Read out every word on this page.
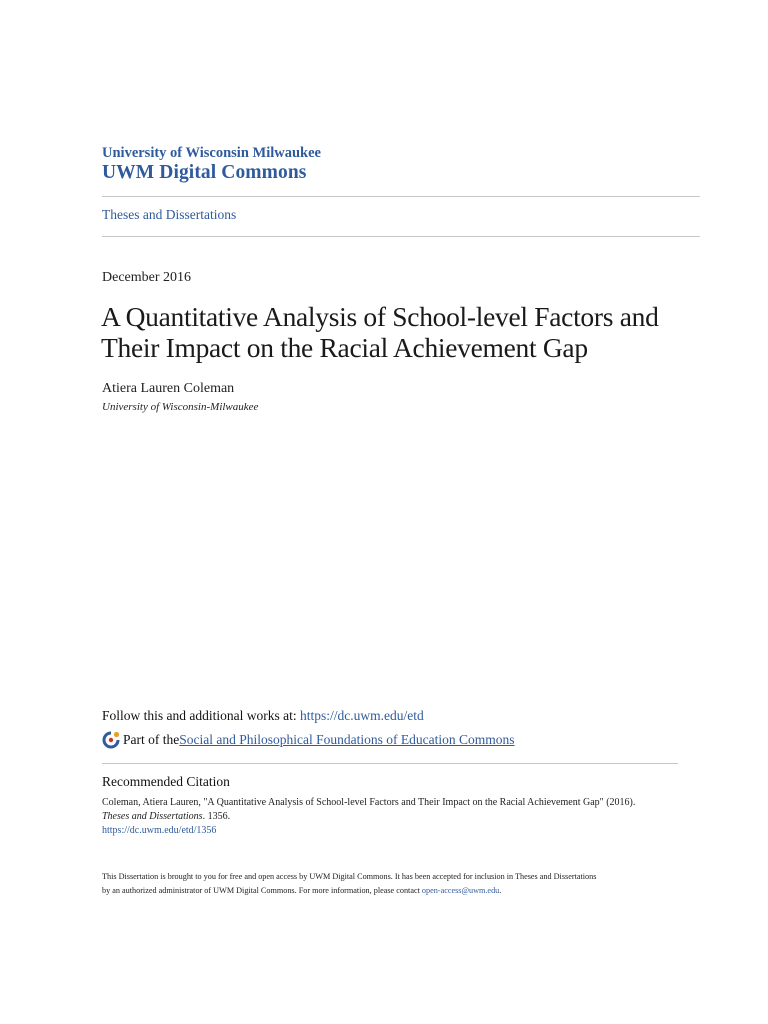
University of Wisconsin Milwaukee
UWM Digital Commons
Theses and Dissertations
December 2016
A Quantitative Analysis of School-level Factors and
Their Impact on the Racial Achievement Gap
Atiera Lauren Coleman
University of Wisconsin-Milwaukee
Follow this and additional works at: https://dc.uwm.edu/etd
Part of the Social and Philosophical Foundations of Education Commons
Recommended Citation
Coleman, Atiera Lauren, "A Quantitative Analysis of School-level Factors and Their Impact on the Racial Achievement Gap" (2016).
Theses and Dissertations. 1356.
https://dc.uwm.edu/etd/1356
This Dissertation is brought to you for free and open access by UWM Digital Commons. It has been accepted for inclusion in Theses and Dissertations
by an authorized administrator of UWM Digital Commons. For more information, please contact open-access@uwm.edu.
